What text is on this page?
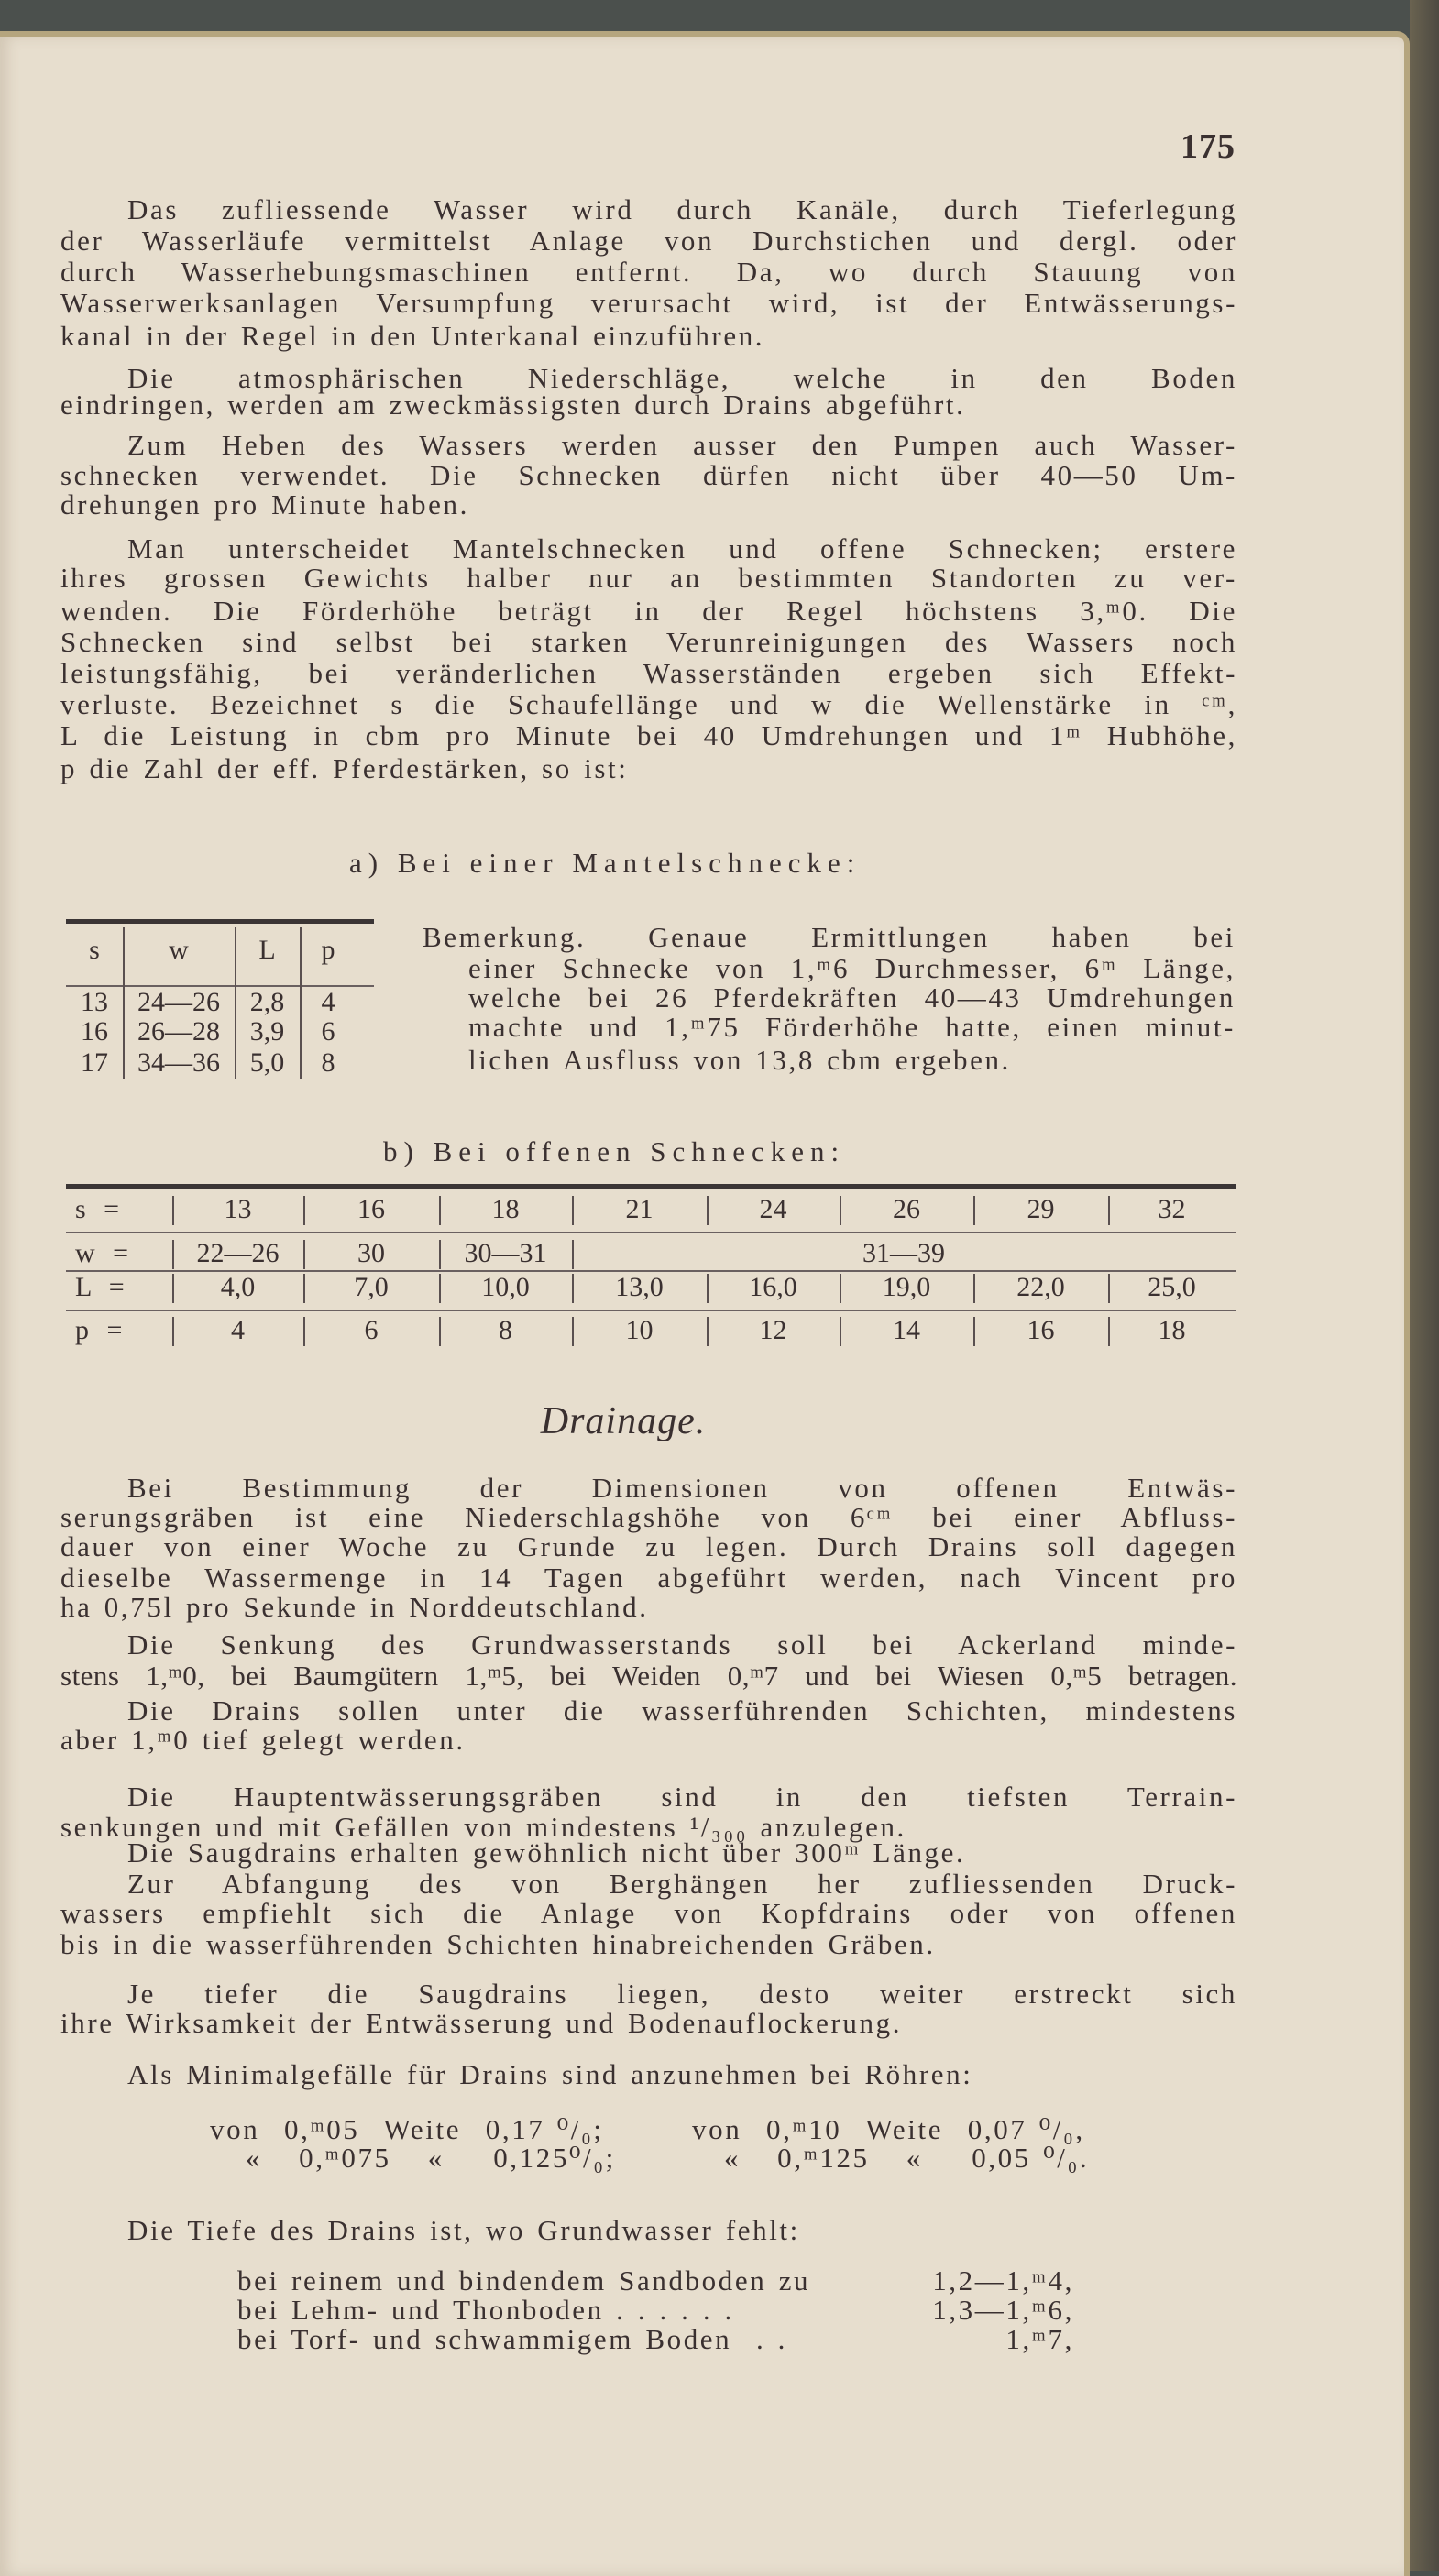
175
Das zufliessende Wasser wird durch Kanäle, durch Tieferlegung
der Wasserläufe vermittelst Anlage von Durchstichen und dergl. oder
durch Wasserhebungsmaschinen entfernt. Da, wo durch Stauung von
Wasserwerksanlagen Versumpfung verursacht wird, ist der Entwässerungs-
kanal in der Regel in den Unterkanal einzuführen.
Die atmosphärischen Niederschläge, welche in den Boden
eindringen, werden am zweckmässigsten durch Drains abgeführt.
Zum Heben des Wassers werden ausser den Pumpen auch Wasser-
schnecken verwendet. Die Schnecken dürfen nicht über 40—50 Um-
drehungen pro Minute haben.
Man unterscheidet Mantelschnecken und offene Schnecken; erstere
ihres grossen Gewichts halber nur an bestimmten Standorten zu ver-
wenden. Die Förderhöhe beträgt in der Regel höchstens 3,ᵐ0. Die
Schnecken sind selbst bei starken Verunreinigungen des Wassers noch
leistungsfähig, bei veränderlichen Wasserständen ergeben sich Effekt-
verluste. Bezeichnet s die Schaufellänge und w die Wellenstärke in ᶜᵐ,
L die Leistung in cbm pro Minute bei 40 Umdrehungen und 1ᵐ Hubhöhe,
p die Zahl der eff. Pferdestärken, so ist:
a) Bei einer Mantelschnecke:
s	w	L	p
13	24—26	2,8	4
16	26—28	3,9	6
17	34—36	5,0	8
Bemerkung. Genaue Ermittlungen haben bei
einer Schnecke von 1,ᵐ6 Durchmesser, 6ᵐ Länge,
welche bei 26 Pferdekräften 40—43 Umdrehungen
machte und 1,ᵐ75 Förderhöhe hatte, einen minut-
lichen Ausfluss von 13,8 cbm ergeben.
b) Bei offenen Schnecken:
s =	13	16	18	21	24	26	29	32
w =	22—26	30	30—31	31—39
L =	4,0	7,0	10,0	13,0	16,0	19,0	22,0	25,0
p =	4	6	8	10	12	14	16	18
Drainage.
Bei Bestimmung der Dimensionen von offenen Entwäs-
serungsgräben ist eine Niederschlagshöhe von 6ᶜᵐ bei einer Abfluss-
dauer von einer Woche zu Grunde zu legen. Durch Drains soll dagegen
dieselbe Wassermenge in 14 Tagen abgeführt werden, nach Vincent pro
ha 0,75l pro Sekunde in Norddeutschland.
Die Senkung des Grundwasserstands soll bei Ackerland minde-
stens 1,ᵐ0, bei Baumgütern 1,ᵐ5, bei Weiden 0,ᵐ7 und bei Wiesen 0,ᵐ5 betragen.
Die Drains sollen unter die wasserführenden Schichten, mindestens
aber 1,ᵐ0 tief gelegt werden.
Die Hauptentwässerungsgräben sind in den tiefsten Terrain-
senkungen und mit Gefällen von mindestens ¹/₃₀₀ anzulegen.
Die Saugdrains erhalten gewöhnlich nicht über 300ᵐ Länge.
Zur Abfangung des von Berghängen her zufliessenden Druck-
wassers empfiehlt sich die Anlage von Kopfdrains oder von offenen
bis in die wasserführenden Schichten hinabreichenden Gräben.
Je tiefer die Saugdrains liegen, desto weiter erstreckt sich
ihre Wirksamkeit der Entwässerung und Bodenauflockerung.
Als Minimalgefälle für Drains sind anzunehmen bei Röhren:
von  0,ᵐ05  Weite  0,17 ⁰/₀;	von  0,ᵐ10  Weite  0,07 ⁰/₀,
«   0,ᵐ075   «    0,125⁰/₀;	«   0,ᵐ125   «    0,05 ⁰/₀.
Die Tiefe des Drains ist, wo Grundwasser fehlt:
bei reinem und bindendem Sandboden zu	1,2—1,ᵐ4,
bei Lehm- und Thonboden . . . . . .	1,3—1,ᵐ6,
bei Torf- und schwammigem Boden  . .	1,ᵐ7,
